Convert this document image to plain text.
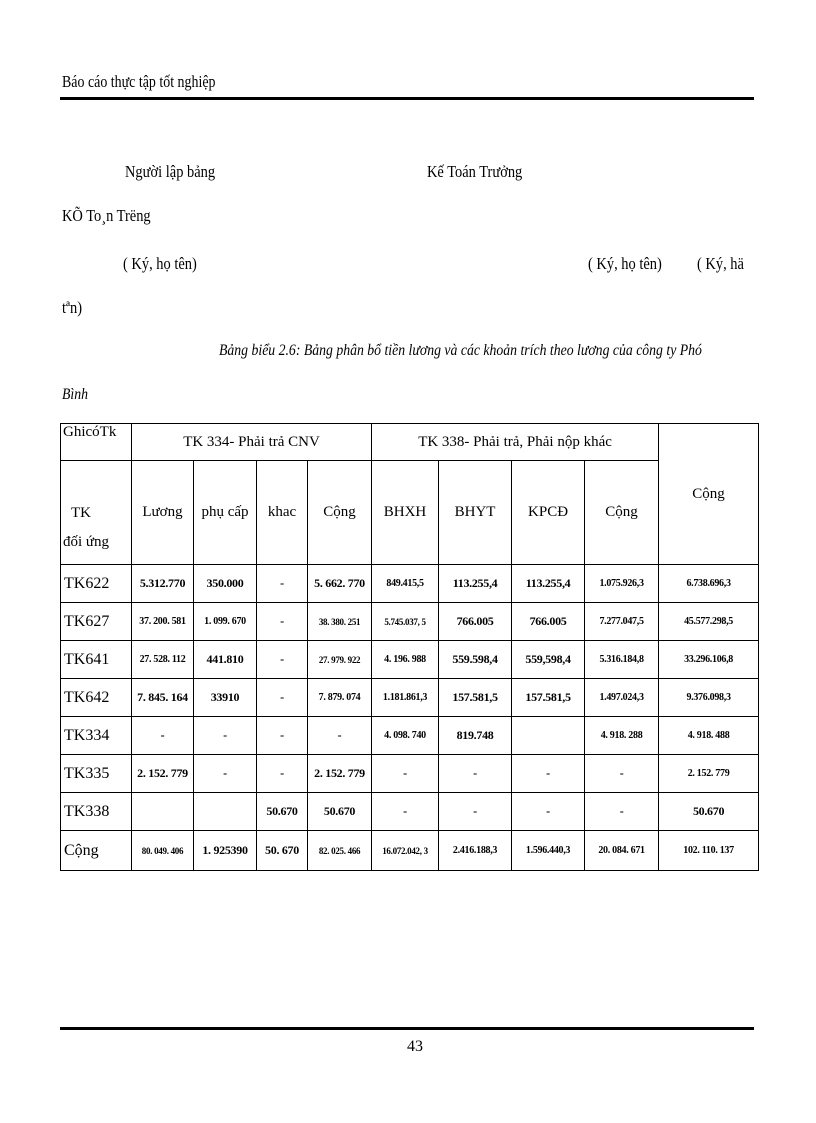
Báo cáo thực tập tốt nghiệp
Người lập bảng	Kế Toán Trưởng
KÕ To¸n Trëng
( Ký, họ tên)	( Ký, họ tên) ( Ký, hä
tªn)
Bảng biểu 2.6: Bảng phân bổ tiền lương và các khoản trích theo lương của công ty Phó
Bình
GhicóTk	TK 334- Phải trả CNV				TK 338- Phải trả, Phải nộp khác				Cộng

TK
đối ứng	Lương	phụ cấp	khac	Cộng	BHXH	BHYT	KPCĐ	Cộng	
TK622	5.312.770	350.000	-	5. 662. 770	849.415,5	113.255,4	113.255,4	1.075.926,3	6.738.696,3
TK627	37. 200. 581	1. 099. 670	-	38. 380. 251	5.745.037, 5	766.005	766.005	7.277.047,5	45.577.298,5
TK641	27. 528. 112	441.810	-	27. 979. 922	4. 196. 988	559.598,4	559,598,4	5.316.184,8	33.296.106,8
TK642	7. 845. 164	33910	-	7. 879. 074	1.181.861,3	157.581,5	157.581,5	1.497.024,3	9.376.098,3
TK334	-	-	-	-	4. 098. 740	819.748		4. 918. 288	4. 918. 488
TK335	2. 152. 779	-	-	2. 152. 779	-	-	-	-	2. 152. 779
TK338			50.670	50.670	-	-	-	-	50.670
Cộng	80. 049. 406	1. 925390	50. 670	82. 025. 466	16.072.042, 3	2.416.188,3	1.596.440,3	20. 084. 671	102. 110. 137
43
